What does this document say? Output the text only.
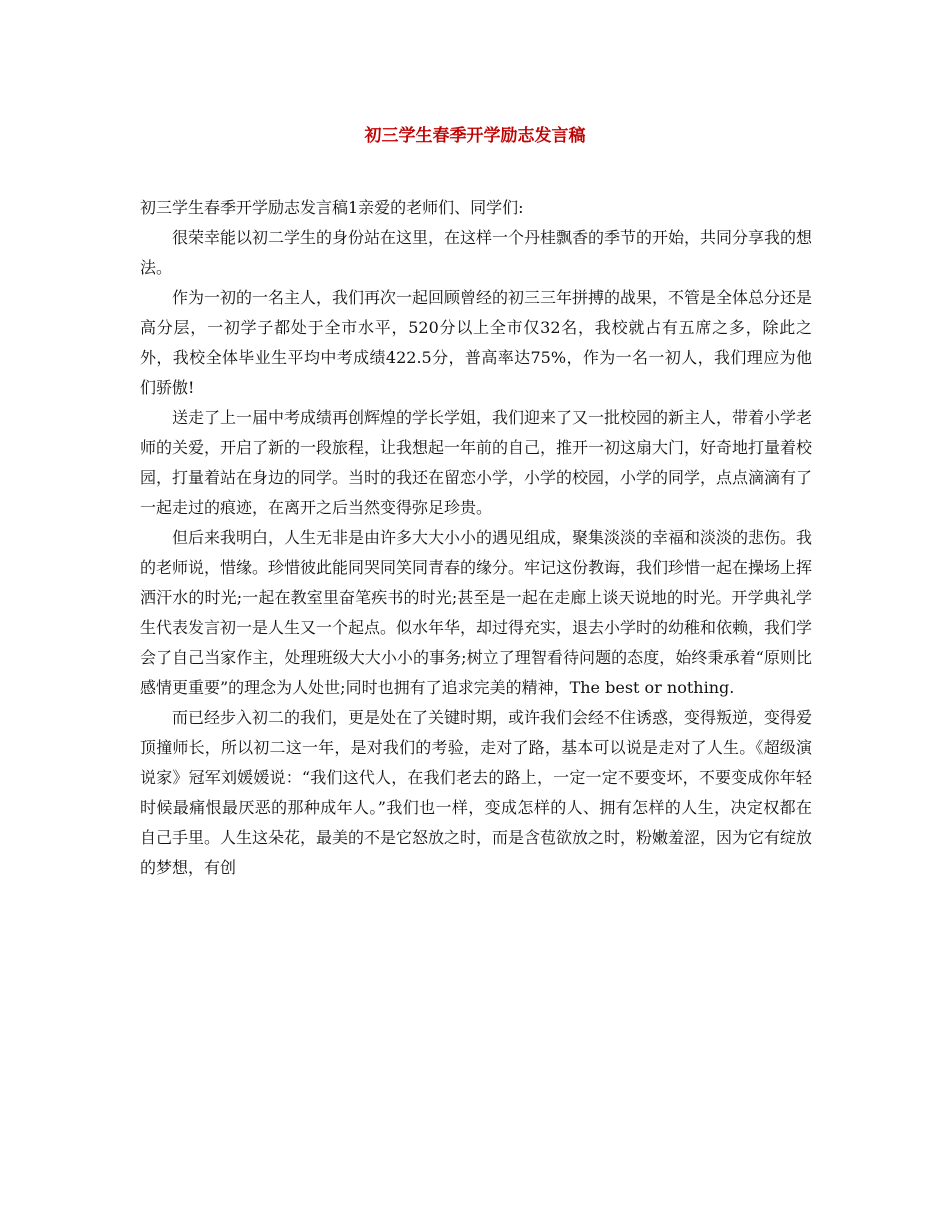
初三学生春季开学励志发言稿

初三学生春季开学励志发言稿1亲爱的老师们、同学们:

很荣幸能以初二学生的身份站在这里，在这样一个丹桂飘香的季节的开始，共同分享我的想法。

作为一初的一名主人，我们再次一起回顾曾经的初三三年拼搏的战果，不管是全体总分还是高分层，一初学子都处于全市水平，520分以上全市仅32名，我校就占有五席之多，除此之外，我校全体毕业生平均中考成绩422.5分，普高率达75%，作为一名一初人，我们理应为他们骄傲!

送走了上一届中考成绩再创辉煌的学长学姐，我们迎来了又一批校园的新主人，带着小学老师的关爱，开启了新的一段旅程，让我想起一年前的自己，推开一初这扇大门，好奇地打量着校园，打量着站在身边的同学。当时的我还在留恋小学，小学的校园，小学的同学，点点滴滴有了一起走过的痕迹，在离开之后当然变得弥足珍贵。

但后来我明白，人生无非是由许多大大小小的遇见组成，聚集淡淡的幸福和淡淡的悲伤。我的老师说，惜缘。珍惜彼此能同哭同笑同青春的缘分。牢记这份教诲，我们珍惜一起在操场上挥洒汗水的时光;一起在教室里奋笔疾书的时光;甚至是一起在走廊上谈天说地的时光。开学典礼学生代表发言初一是人生又一个起点。似水年华，却过得充实，退去小学时的幼稚和依赖，我们学会了自己当家作主，处理班级大大小小的事务;树立了理智看待问题的态度，始终秉承着“原则比感情更重要”的理念为人处世;同时也拥有了追求完美的精神，The best or nothing.

而已经步入初二的我们，更是处在了关键时期，或许我们会经不住诱惑，变得叛逆，变得爱顶撞师长，所以初二这一年，是对我们的考验，走对了路，基本可以说是走对了人生。《超级演说家》冠军刘媛媛说：“我们这代人，在我们老去的路上，一定一定不要变坏，不要变成你年轻时候最痛恨最厌恶的那种成年人。”我们也一样，变成怎样的人、拥有怎样的人生，决定权都在自己手里。人生这朵花，最美的不是它怒放之时，而是含苞欲放之时，粉嫩羞涩，因为它有绽放的梦想，有创
